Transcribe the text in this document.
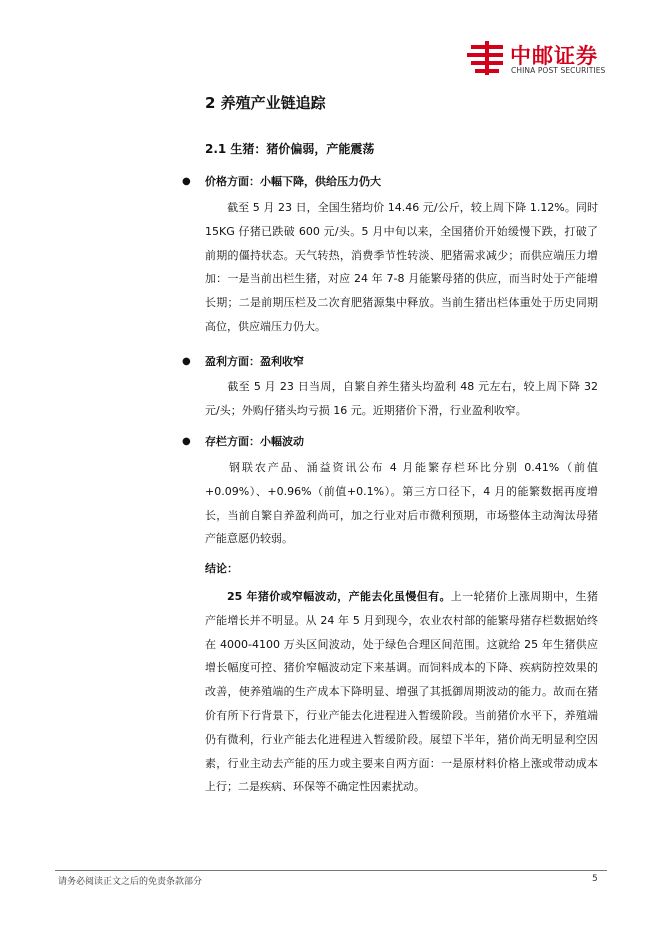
中邮证券
CHINA POST SECURITIES
2 养殖产业链追踪
2.1 生猪：猪价偏弱，产能震荡
● 价格方面：小幅下降，供给压力仍大

截至 5 月 23 日，全国生猪均价 14.46 元/公斤，较上周下降 1.12%。同时 15KG 仔猪已跌破 600 元/头。5 月中旬以来，全国猪价开始缓慢下跌，打破了前期的僵持状态。天气转热，消费季节性转淡、肥猪需求减少；而供应端压力增加：一是当前出栏生猪，对应 24 年 7-8 月能繁母猪的供应，而当时处于产能增长期；二是前期压栏及二次育肥猪源集中释放。当前生猪出栏体重处于历史同期高位，供应端压力仍大。

● 盈利方面：盈利收窄

截至 5 月 23 日当周，自繁自养生猪头均盈利 48 元左右，较上周下降 32 元/头；外购仔猪头均亏损 16 元。近期猪价下滑，行业盈利收窄。

● 存栏方面：小幅波动

钢联农产品、涌益资讯公布 4 月能繁存栏环比分别 0.41%（前值+0.09%）、+0.96%（前值+0.1%）。第三方口径下，4 月的能繁数据再度增长，当前自繁自养盈利尚可，加之行业对后市微利预期，市场整体主动淘汰母猪产能意愿仍较弱。

结论：

25 年猪价或窄幅波动，产能去化虽慢但有。上一轮猪价上涨周期中，生猪产能增长并不明显。从 24 年 5 月到现今，农业农村部的能繁母猪存栏数据始终在 4000-4100 万头区间波动，处于绿色合理区间范围。这就给 25 年生猪供应增长幅度可控、猪价窄幅波动定下来基调。而饲料成本的下降、疾病防控效果的改善，使养殖端的生产成本下降明显、增强了其抵御周期波动的能力。故而在猪价有所下行背景下，行业产能去化进程进入暂缓阶段。当前猪价水平下，养殖端仍有微利，行业产能去化进程进入暂缓阶段。展望下半年，猪价尚无明显利空因素，行业主动去产能的压力或主要来自两方面：一是原材料价格上涨或带动成本上行；二是疾病、环保等不确定性因素扰动。

请务必阅读正文之后的免责条款部分	5
